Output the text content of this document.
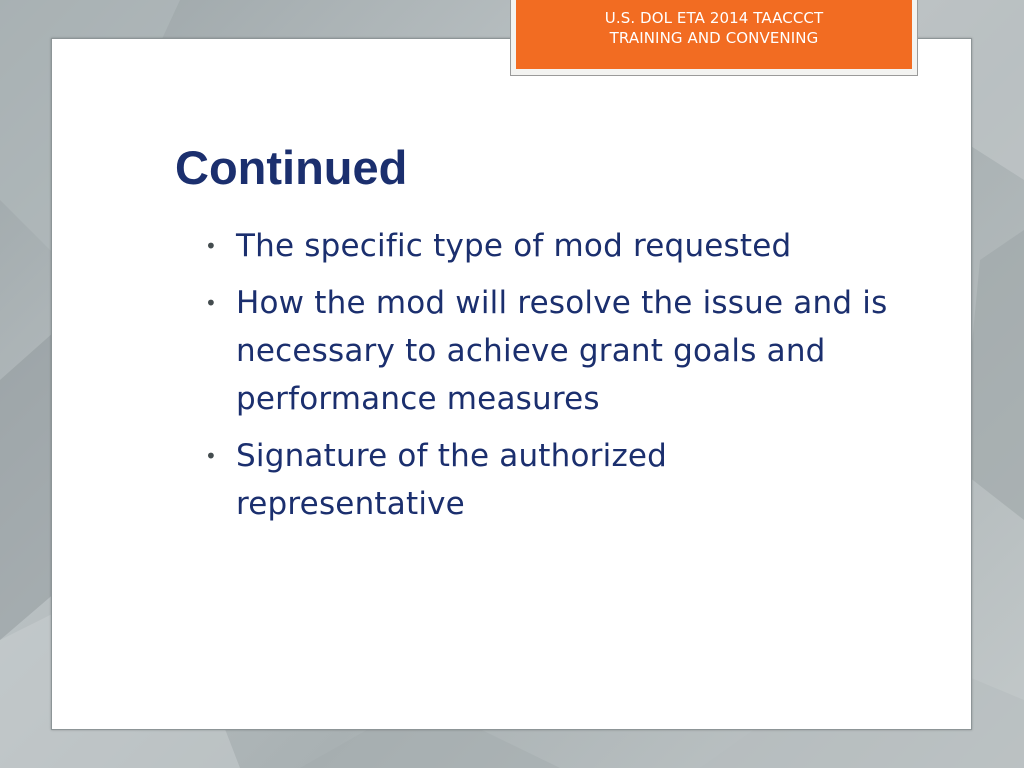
U.S. DOL ETA 2014 TAACCCT
TRAINING AND CONVENING
Continued
• The specific type of mod requested
• How the mod will resolve the issue and is necessary to achieve grant goals and performance measures
• Signature of the authorized representative
